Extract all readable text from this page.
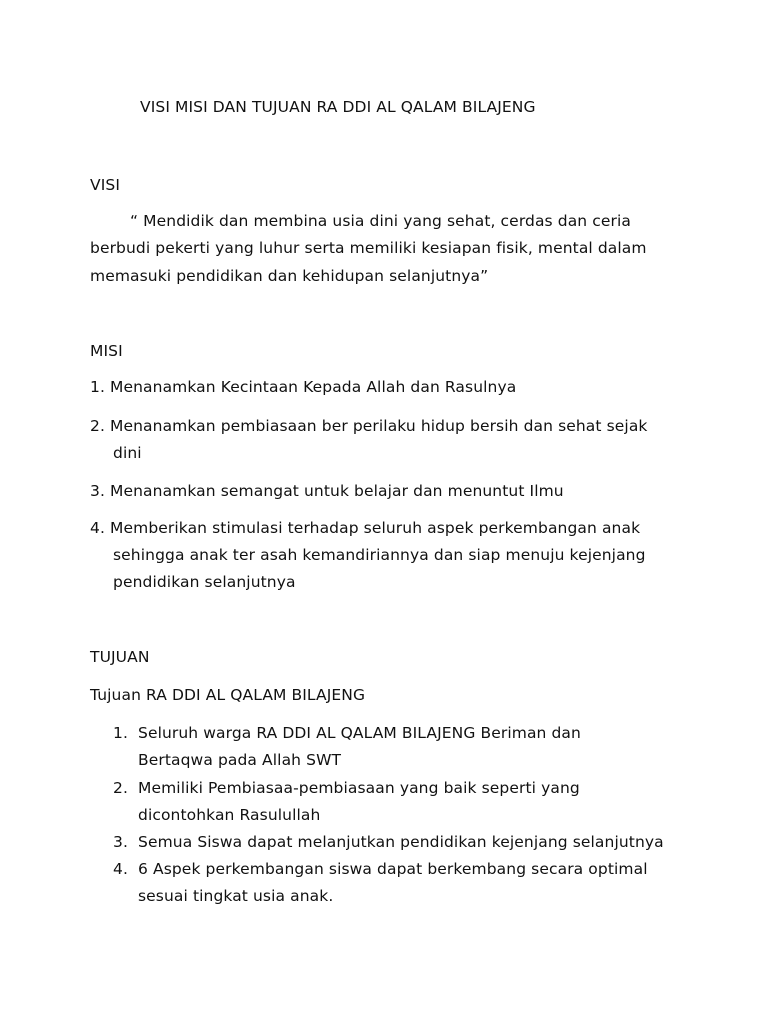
VISI MISI DAN TUJUAN RA DDI AL QALAM BILAJENG
VISI
“ Mendidik dan membina usia dini yang sehat, cerdas dan ceria
berbudi pekerti yang luhur serta memiliki kesiapan fisik, mental dalam
memasuki pendidikan dan kehidupan selanjutnya”
MISI
1. Menanamkan Kecintaan Kepada Allah dan Rasulnya
2. Menanamkan pembiasaan ber perilaku hidup bersih dan sehat sejak
dini
3. Menanamkan semangat untuk belajar dan menuntut Ilmu
4. Memberikan stimulasi terhadap seluruh aspek perkembangan anak
sehingga anak ter asah kemandiriannya dan siap menuju kejenjang
pendidikan selanjutnya
TUJUAN
Tujuan RA DDI AL QALAM BILAJENG
1. Seluruh warga RA DDI AL QALAM BILAJENG Beriman dan
Bertaqwa pada Allah SWT
2. Memiliki Pembiasaa-pembiasaan yang baik seperti yang
dicontohkan Rasulullah
3. Semua Siswa dapat melanjutkan pendidikan kejenjang selanjutnya
4. 6 Aspek perkembangan siswa dapat berkembang secara optimal
sesuai tingkat usia anak.
